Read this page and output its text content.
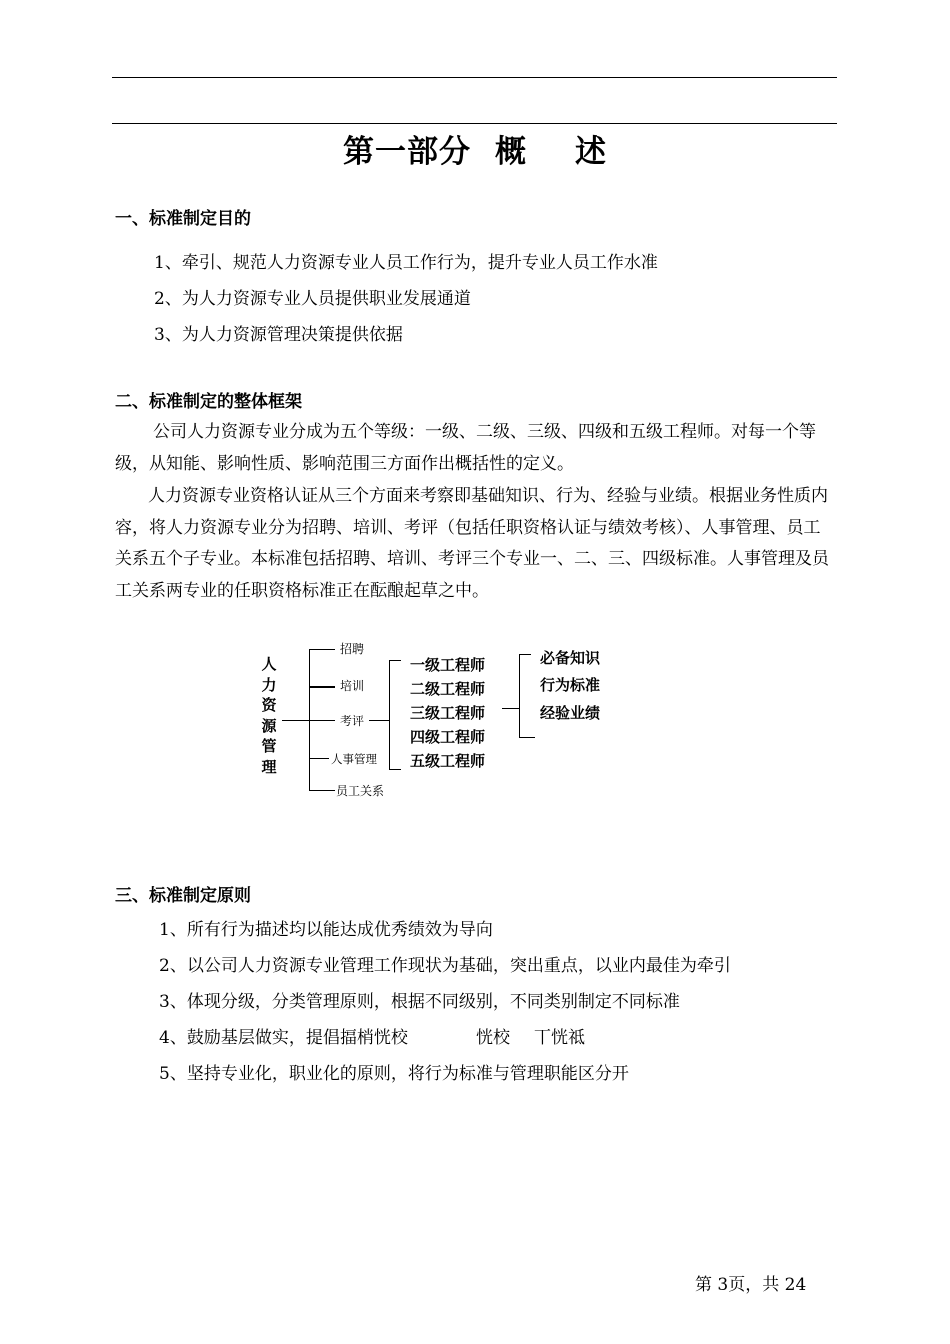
第一部分 概 述
一、标准制定目的
1、牵引、规范人力资源专业人员工作行为，提升专业人员工作水准
2、为人力资源专业人员提供职业发展通道
3、为人力资源管理决策提供依据
二、标准制定的整体框架
公司人力资源专业分成为五个等级：一级、二级、三级、四级和五级工程师。对每一个等级，从知能、影响性质、影响范围三方面作出概括性的定义。
人力资源专业资格认证从三个方面来考察即基础知识、行为、经验与业绩。根据业务性质内容，将人力资源专业分为招聘、培训、考评（包括任职资格认证与绩效考核）、人事管理、员工关系五个子专业。本标准包括招聘、培训、考评三个专业一、二、三、四级标准。人事管理及员工关系两专业的任职资格标准正在酝酿起草之中。
人力资源管理
招聘
培训
考评
人事管理
员工关系
一级工程师
二级工程师
三级工程师
四级工程师
五级工程师
必备知识
行为标准
经验业绩
三、标准制定原则
1、所有行为描述均以能达成优秀绩效为导向
2、以公司人力资源专业管理工作现状为基础，突出重点，以业内最佳为牵引
3、体现分级，分类管理原则，根据不同级别，不同类别制定不同标准
4、鼓励基层做实，提倡揊梢恍校	恍校 丅恍祗
5、坚持专业化，职业化的原则，将行为标准与管理职能区分开
第 3页，共 24
